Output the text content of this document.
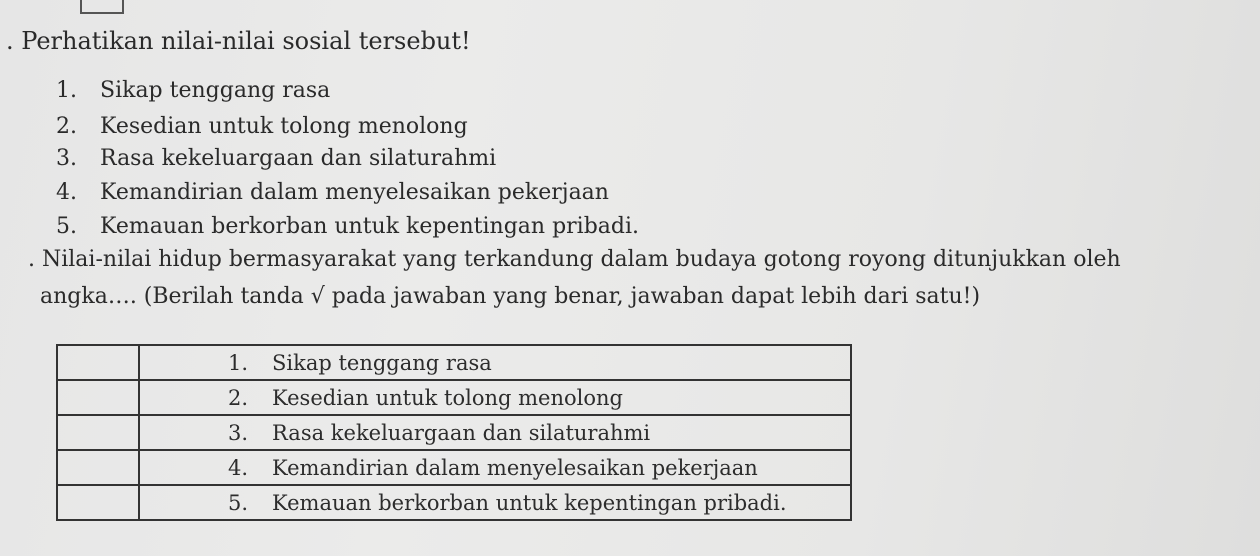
. Perhatikan nilai-nilai sosial tersebut!
1. Sikap tenggang rasa
2. Kesedian untuk tolong menolong
3. Rasa kekeluargaan dan silaturahmi
4. Kemandirian dalam menyelesaikan pekerjaan
5. Kemauan berkorban untuk kepentingan pribadi.
. Nilai-nilai hidup bermasyarakat yang terkandung dalam budaya gotong royong ditunjukkan oleh
angka…. (Berilah tanda √ pada jawaban yang benar, jawaban dapat lebih dari satu!)
	1. Sikap tenggang rasa
	2. Kesedian untuk tolong menolong
	3. Rasa kekeluargaan dan silaturahmi
	4. Kemandirian dalam menyelesaikan pekerjaan
	5. Kemauan berkorban untuk kepentingan pribadi.
